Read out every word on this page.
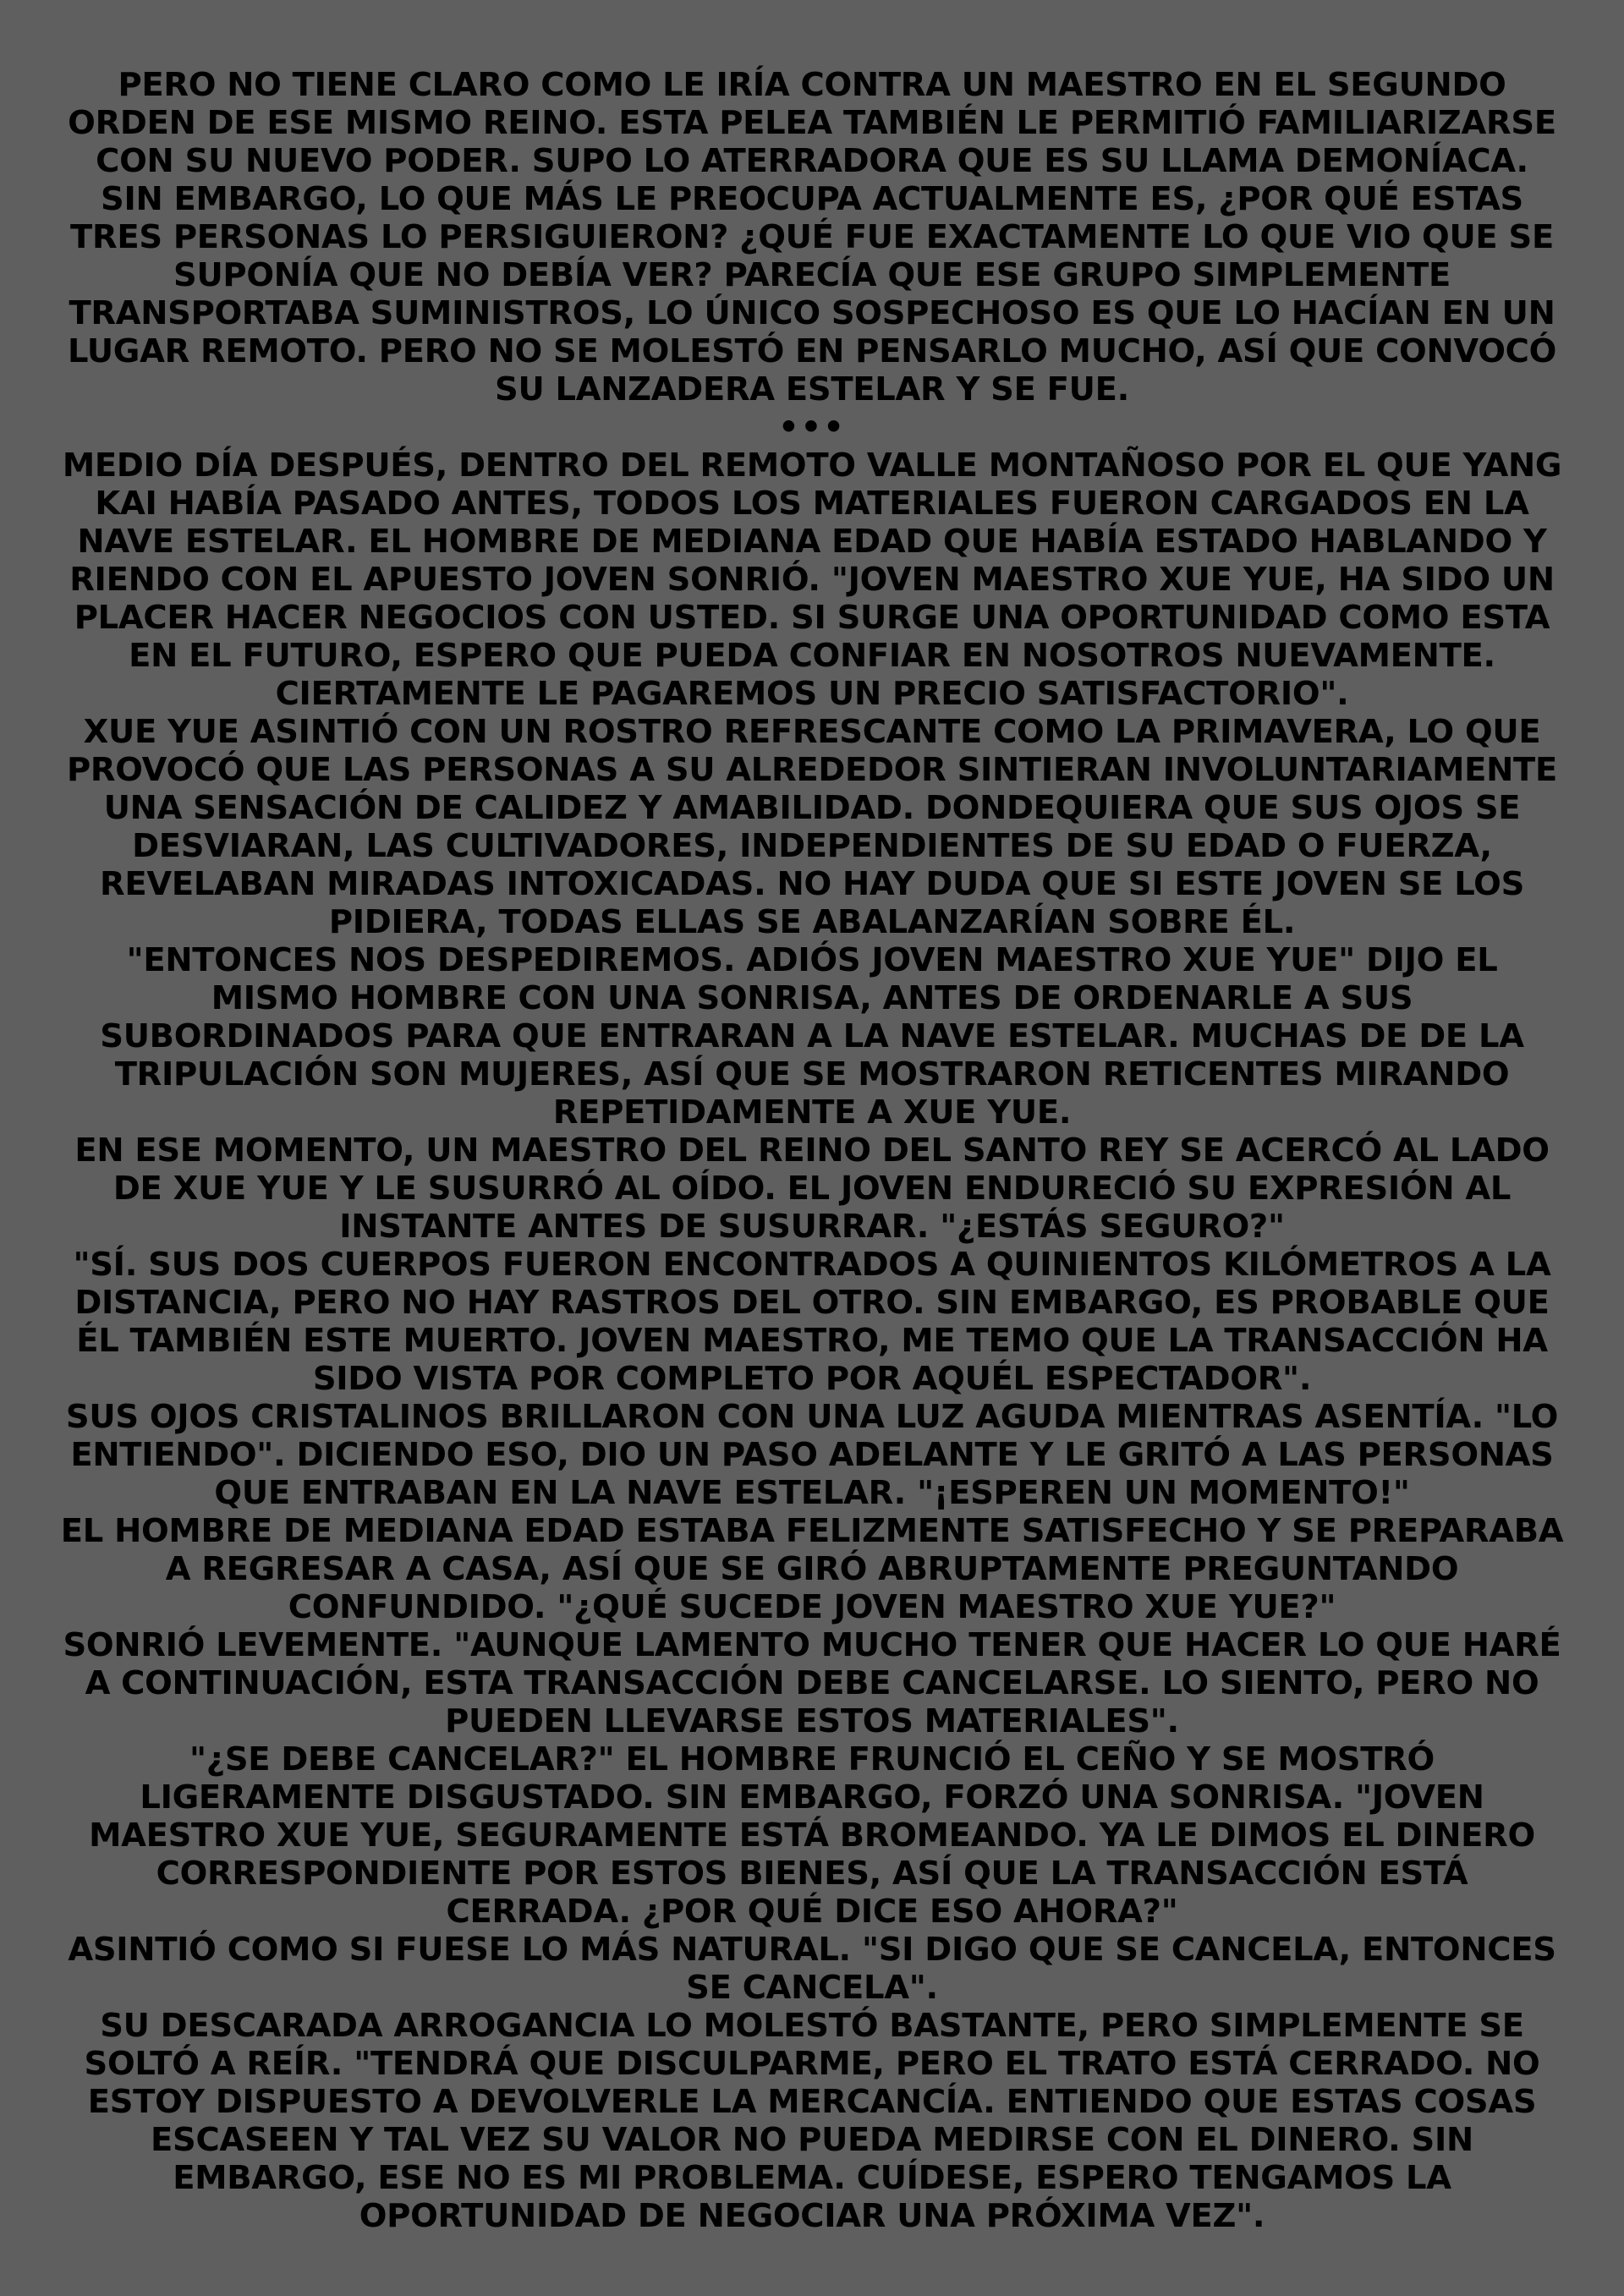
PERO NO TIENE CLARO COMO LE IRÍA CONTRA UN MAESTRO EN EL SEGUNDO ORDEN DE ESE MISMO REINO. ESTA PELEA TAMBIÉN LE PERMITIÓ FAMILIARIZARSE CON SU NUEVO PODER. SUPO LO ATERRADORA QUE ES SU LLAMA DEMONÍACA. SIN EMBARGO, LO QUE MÁS LE PREOCUPA ACTUALMENTE ES, ¿POR QUÉ ESTAS TRES PERSONAS LO PERSIGUIERON? ¿QUÉ FUE EXACTAMENTE LO QUE VIO QUE SE SUPONÍA QUE NO DEBÍA VER? PARECÍA QUE ESE GRUPO SIMPLEMENTE TRANSPORTABA SUMINISTROS, LO ÚNICO SOSPECHOSO ES QUE LO HACÍAN EN UN LUGAR REMOTO. PERO NO SE MOLESTÓ EN PENSARLO MUCHO, ASÍ QUE CONVOCÓ SU LANZADERA ESTELAR Y SE FUE.

•••

MEDIO DÍA DESPUÉS, DENTRO DEL REMOTO VALLE MONTAÑOSO POR EL QUE YANG KAI HABÍA PASADO ANTES, TODOS LOS MATERIALES FUERON CARGADOS EN LA NAVE ESTELAR. EL HOMBRE DE MEDIANA EDAD QUE HABÍA ESTADO HABLANDO Y RIENDO CON EL APUESTO JOVEN SONRIÓ. "JOVEN MAESTRO XUE YUE, HA SIDO UN PLACER HACER NEGOCIOS CON USTED. SI SURGE UNA OPORTUNIDAD COMO ESTA EN EL FUTURO, ESPERO QUE PUEDA CONFIAR EN NOSOTROS NUEVAMENTE. CIERTAMENTE LE PAGAREMOS UN PRECIO SATISFACTORIO".

XUE YUE ASINTIÓ CON UN ROSTRO REFRESCANTE COMO LA PRIMAVERA, LO QUE PROVOCÓ QUE LAS PERSONAS A SU ALREDEDOR SINTIERAN INVOLUNTARIAMENTE UNA SENSACIÓN DE CALIDEZ Y AMABILIDAD. DONDEQUIERA QUE SUS OJOS SE DESVIARAN, LAS CULTIVADORES, INDEPENDIENTES DE SU EDAD O FUERZA, REVELABAN MIRADAS INTOXICADAS. NO HAY DUDA QUE SI ESTE JOVEN SE LOS PIDIERA, TODAS ELLAS SE ABALANZARÍAN SOBRE ÉL.

"ENTONCES NOS DESPEDIREMOS. ADIÓS JOVEN MAESTRO XUE YUE" DIJO EL MISMO HOMBRE CON UNA SONRISA, ANTES DE ORDENARLE A SUS SUBORDINADOS PARA QUE ENTRARAN A LA NAVE ESTELAR. MUCHAS DE DE LA TRIPULACIÓN SON MUJERES, ASÍ QUE SE MOSTRARON RETICENTES MIRANDO REPETIDAMENTE A XUE YUE.

EN ESE MOMENTO, UN MAESTRO DEL REINO DEL SANTO REY SE ACERCÓ AL LADO DE XUE YUE Y LE SUSURRÓ AL OÍDO. EL JOVEN ENDURECIÓ SU EXPRESIÓN AL INSTANTE ANTES DE SUSURRAR. "¿ESTÁS SEGURO?"

"SÍ. SUS DOS CUERPOS FUERON ENCONTRADOS A QUINIENTOS KILÓMETROS A LA DISTANCIA, PERO NO HAY RASTROS DEL OTRO. SIN EMBARGO, ES PROBABLE QUE ÉL TAMBIÉN ESTE MUERTO. JOVEN MAESTRO, ME TEMO QUE LA TRANSACCIÓN HA SIDO VISTA POR COMPLETO POR AQUÉL ESPECTADOR".

SUS OJOS CRISTALINOS BRILLARON CON UNA LUZ AGUDA MIENTRAS ASENTÍA. "LO ENTIENDO". DICIENDO ESO, DIO UN PASO ADELANTE Y LE GRITÓ A LAS PERSONAS QUE ENTRABAN EN LA NAVE ESTELAR. "¡ESPEREN UN MOMENTO!"

EL HOMBRE DE MEDIANA EDAD ESTABA FELIZMENTE SATISFECHO Y SE PREPARABA A REGRESAR A CASA, ASÍ QUE SE GIRÓ ABRUPTAMENTE PREGUNTANDO CONFUNDIDO. "¿QUÉ SUCEDE JOVEN MAESTRO XUE YUE?"

SONRIÓ LEVEMENTE. "AUNQUE LAMENTO MUCHO TENER QUE HACER LO QUE HARÉ A CONTINUACIÓN, ESTA TRANSACCIÓN DEBE CANCELARSE. LO SIENTO, PERO NO PUEDEN LLEVARSE ESTOS MATERIALES".

"¿SE DEBE CANCELAR?" EL HOMBRE FRUNCIÓ EL CEÑO Y SE MOSTRÓ LIGERAMENTE DISGUSTADO. SIN EMBARGO, FORZÓ UNA SONRISA. "JOVEN MAESTRO XUE YUE, SEGURAMENTE ESTÁ BROMEANDO. YA LE DIMOS EL DINERO CORRESPONDIENTE POR ESTOS BIENES, ASÍ QUE LA TRANSACCIÓN ESTÁ CERRADA. ¿POR QUÉ DICE ESO AHORA?"

ASINTIÓ COMO SI FUESE LO MÁS NATURAL. "SI DIGO QUE SE CANCELA, ENTONCES SE CANCELA".

SU DESCARADA ARROGANCIA LO MOLESTÓ BASTANTE, PERO SIMPLEMENTE SE SOLTÓ A REÍR. "TENDRÁ QUE DISCULPARME, PERO EL TRATO ESTÁ CERRADO. NO ESTOY DISPUESTO A DEVOLVERLE LA MERCANCÍA. ENTIENDO QUE ESTAS COSAS ESCASEEN Y TAL VEZ SU VALOR NO PUEDA MEDIRSE CON EL DINERO. SIN EMBARGO, ESE NO ES MI PROBLEMA. CUÍDESE, ESPERO TENGAMOS LA OPORTUNIDAD DE NEGOCIAR UNA PRÓXIMA VEZ".
